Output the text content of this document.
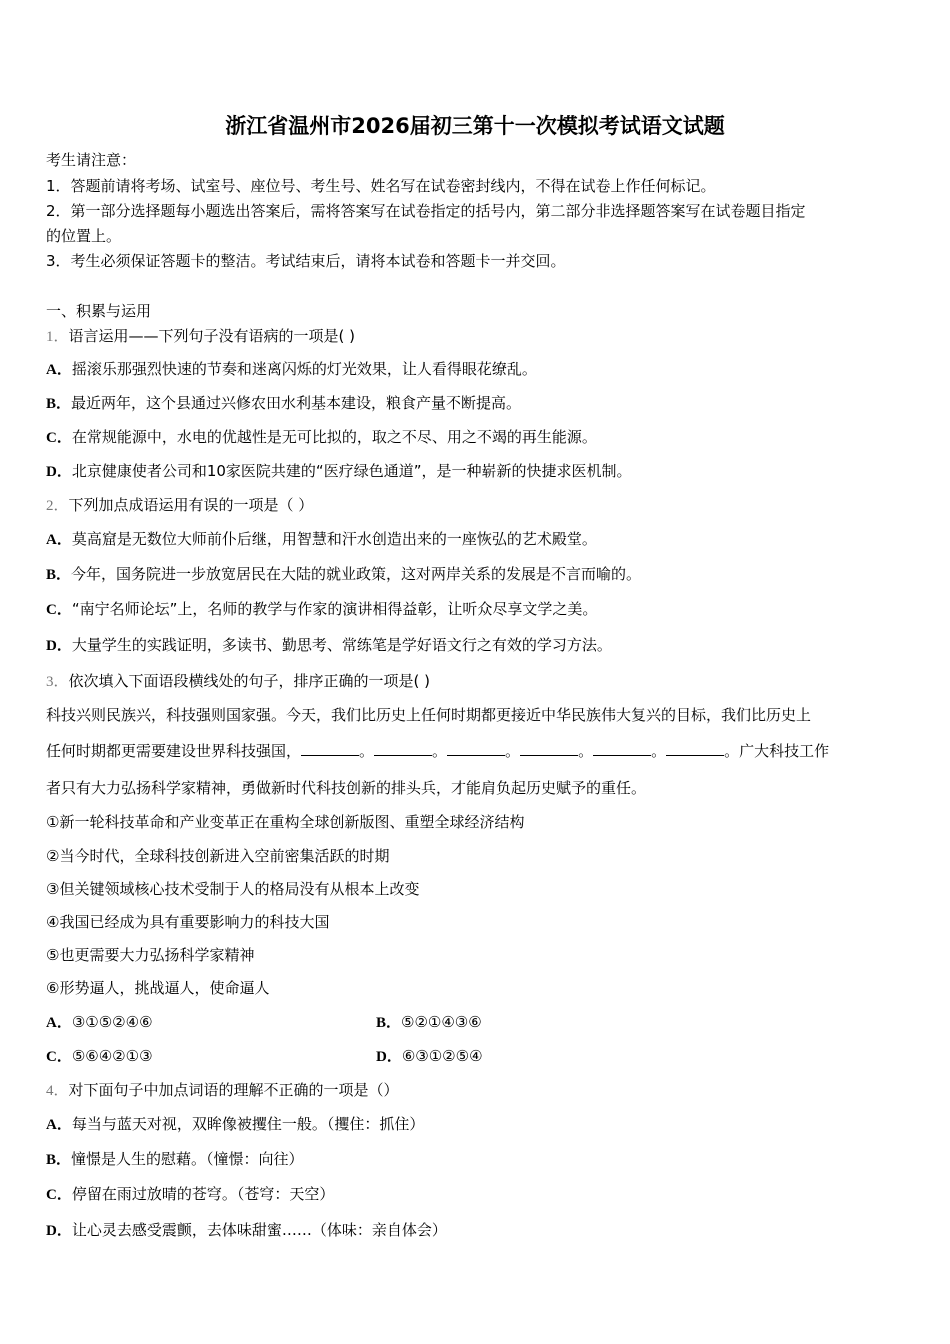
浙江省温州市2026届初三第十一次模拟考试语文试题
考生请注意：
1．答题前请将考场、试室号、座位号、考生号、姓名写在试卷密封线内，不得在试卷上作任何标记。
2．第一部分选择题每小题选出答案后，需将答案写在试卷指定的括号内，第二部分非选择题答案写在试卷题目指定
的位置上。
3．考生必须保证答题卡的整洁。考试结束后，请将本试卷和答题卡一并交回。
一、积累与运用
1．语言运用——下列句子没有语病的一项是( )
A．摇滚乐那强烈快速的节奏和迷离闪烁的灯光效果，让人看得眼花缭乱。
B．最近两年，这个县通过兴修农田水利基本建设，粮食产量不断提高。
C．在常规能源中，水电的优越性是无可比拟的，取之不尽、用之不竭的再生能源。
D．北京健康使者公司和10家医院共建的“医疗绿色通道”，是一种崭新的快捷求医机制。
2．下列加点成语运用有误的一项是（ ）
A．莫高窟是无数位大师前仆后继，用智慧和汗水创造出来的一座恢弘的艺术殿堂。
B．今年，国务院进一步放宽居民在大陆的就业政策，这对两岸关系的发展是不言而喻的。
C．“南宁名师论坛”上，名师的教学与作家的演讲相得益彰，让听众尽享文学之美。
D．大量学生的实践证明，多读书、勤思考、常练笔是学好语文行之有效的学习方法。
3．依次填入下面语段横线处的句子，排序正确的一项是( )
科技兴则民族兴，科技强则国家强。今天，我们比历史上任何时期都更接近中华民族伟大复兴的目标，我们比历史上
任何时期都更需要建设世界科技强国，	。	。	。	。	。	。广大科技工作
者只有大力弘扬科学家精神，勇做新时代科技创新的排头兵，才能肩负起历史赋予的重任。
①新一轮科技革命和产业变革正在重构全球创新版图、重塑全球经济结构
②当今时代，全球科技创新进入空前密集活跃的时期
③但关键领域核心技术受制于人的格局没有从根本上改变
④我国已经成为具有重要影响力的科技大国
⑤也更需要大力弘扬科学家精神
⑥形势逼人，挑战逼人，使命逼人
A．③①⑤②④⑥	B．⑤②①④③⑥
C．⑤⑥④②①③	D．⑥③①②⑤④
4．对下面句子中加点词语的理解不正确的一项是（）
A．每当与蓝天对视，双眸像被攫住一般。（攫住：抓住）
B．憧憬是人生的慰藉。（憧憬：向往）
C．停留在雨过放晴的苍穹。（苍穹：天空）
D．让心灵去感受震颤，去体味甜蜜……（体味：亲自体会）
